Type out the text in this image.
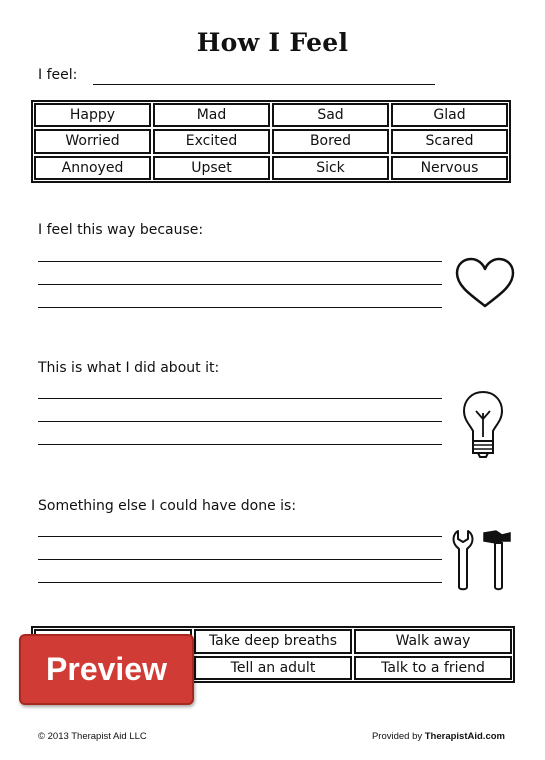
How I Feel
I feel:
Happy	Mad	Sad	Glad
Worried	Excited	Bored	Scared
Annoyed	Upset	Sick	Nervous
I feel this way because:
This is what I did about it:
Something else I could have done is:
Take deep breaths	Walk away
Tell an adult	Talk to a friend
Preview
© 2013 Therapist Aid LLC	Provided by TherapistAid.com
